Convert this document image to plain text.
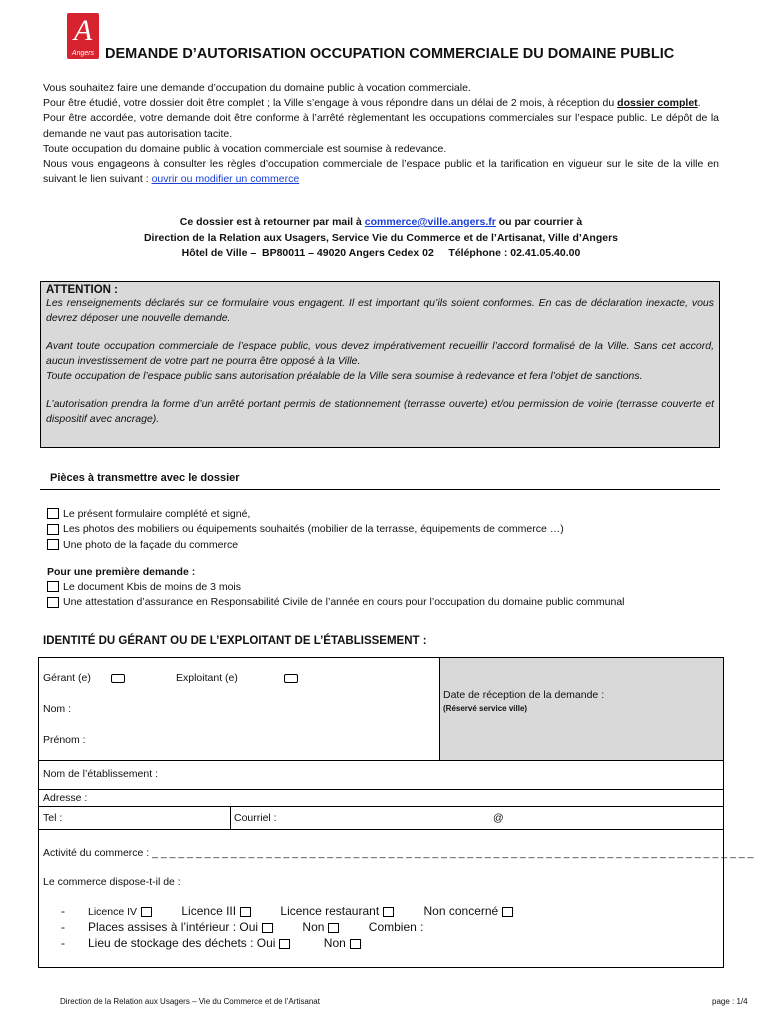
A
Angers DEMANDE D’AUTORISATION OCCUPATION COMMERCIALE DU DOMAINE PUBLIC

Vous souhaitez faire une demande d’occupation du domaine public à vocation commerciale.

Pour être étudié, votre dossier doit être complet ; la Ville s’engage à vous répondre dans un délai de 2 mois, à réception du dossier complet.

Pour être accordée, votre demande doit être conforme à l’arrêté règlementant les occupations commerciales sur l’espace public. Le dépôt de la demande ne vaut pas autorisation tacite.

Toute occupation du domaine public à vocation commerciale est soumise à redevance.

Nous vous engageons à consulter les règles d’occupation commerciale de l’espace public et la tarification en vigueur sur le site de la ville en suivant le lien suivant : ouvrir ou modifier un commerce

Ce dossier est à retourner par mail à commerce@ville.angers.fr ou par courrier à
Direction de la Relation aux Usagers, Service Vie du Commerce et de l’Artisanat, Ville d’Angers
Hôtel de Ville –  BP80011 – 49020 Angers Cedex 02     Téléphone : 02.41.05.40.00
ATTENTION :

Les renseignements déclarés sur ce formulaire vous engagent. Il est important qu’ils soient conformes. En cas de déclaration inexacte, vous devrez déposer une nouvelle demande.

Avant toute occupation commerciale de l’espace public, vous devez impérativement recueillir l’accord formalisé de la Ville. Sans cet accord, aucun investissement de votre part ne pourra être opposé à la Ville.

Toute occupation de l’espace public sans autorisation préalable de la Ville sera soumise à redevance et fera l’objet de sanctions.

L’autorisation prendra la forme d’un arrêté portant permis de stationnement (terrasse ouverte) et/ou permission de voirie (terrasse couverte et dispositif avec ancrage).

Pièces à transmettre avec le dossier
Le présent formulaire complété et signé,
Les photos des mobiliers ou équipements souhaités (mobilier de la terrasse, équipements de commerce …)
Une photo de la façade du commerce
Pour une première demande :
Le document Kbis de moins de 3 mois
Une attestation d’assurance en Responsabilité Civile de l’année en cours pour l’occupation du domaine public communal
IDENTITÉ DU GÉRANT OU DE L’EXPLOITANT DE L’ÉTABLISSEMENT :
Gérant (e)	Exploitant (e)
Nom :
Prénom :
Date de réception de la demande :
(Réservé service ville)
Nom de l’établissement :
Adresse :
Tel :	Courriel :	@
Activité du commerce : _ _ _ _ _ _ _ _ _ _ _ _ _ _ _ _ _ _ _ _ _ _ _ _ _ _ _ _ _ _ _ _ _ _ _ _ _ _ _ _ _ _ _ _ _ _ _ _ _ _ _ _ _ _ _ _ _ _ _ _ _ _ _ _ _ _ _ _ _
Le commerce dispose-t-il de :
- Licence IV	Licence III	Licence restaurant	Non concerné
- Places assises à l’intérieur : Oui	Non	Combien :
- Lieu de stockage des déchets : Oui	Non
Direction de la Relation aux Usagers – Vie du Commerce et de l’Artisanat	page : 1/4
